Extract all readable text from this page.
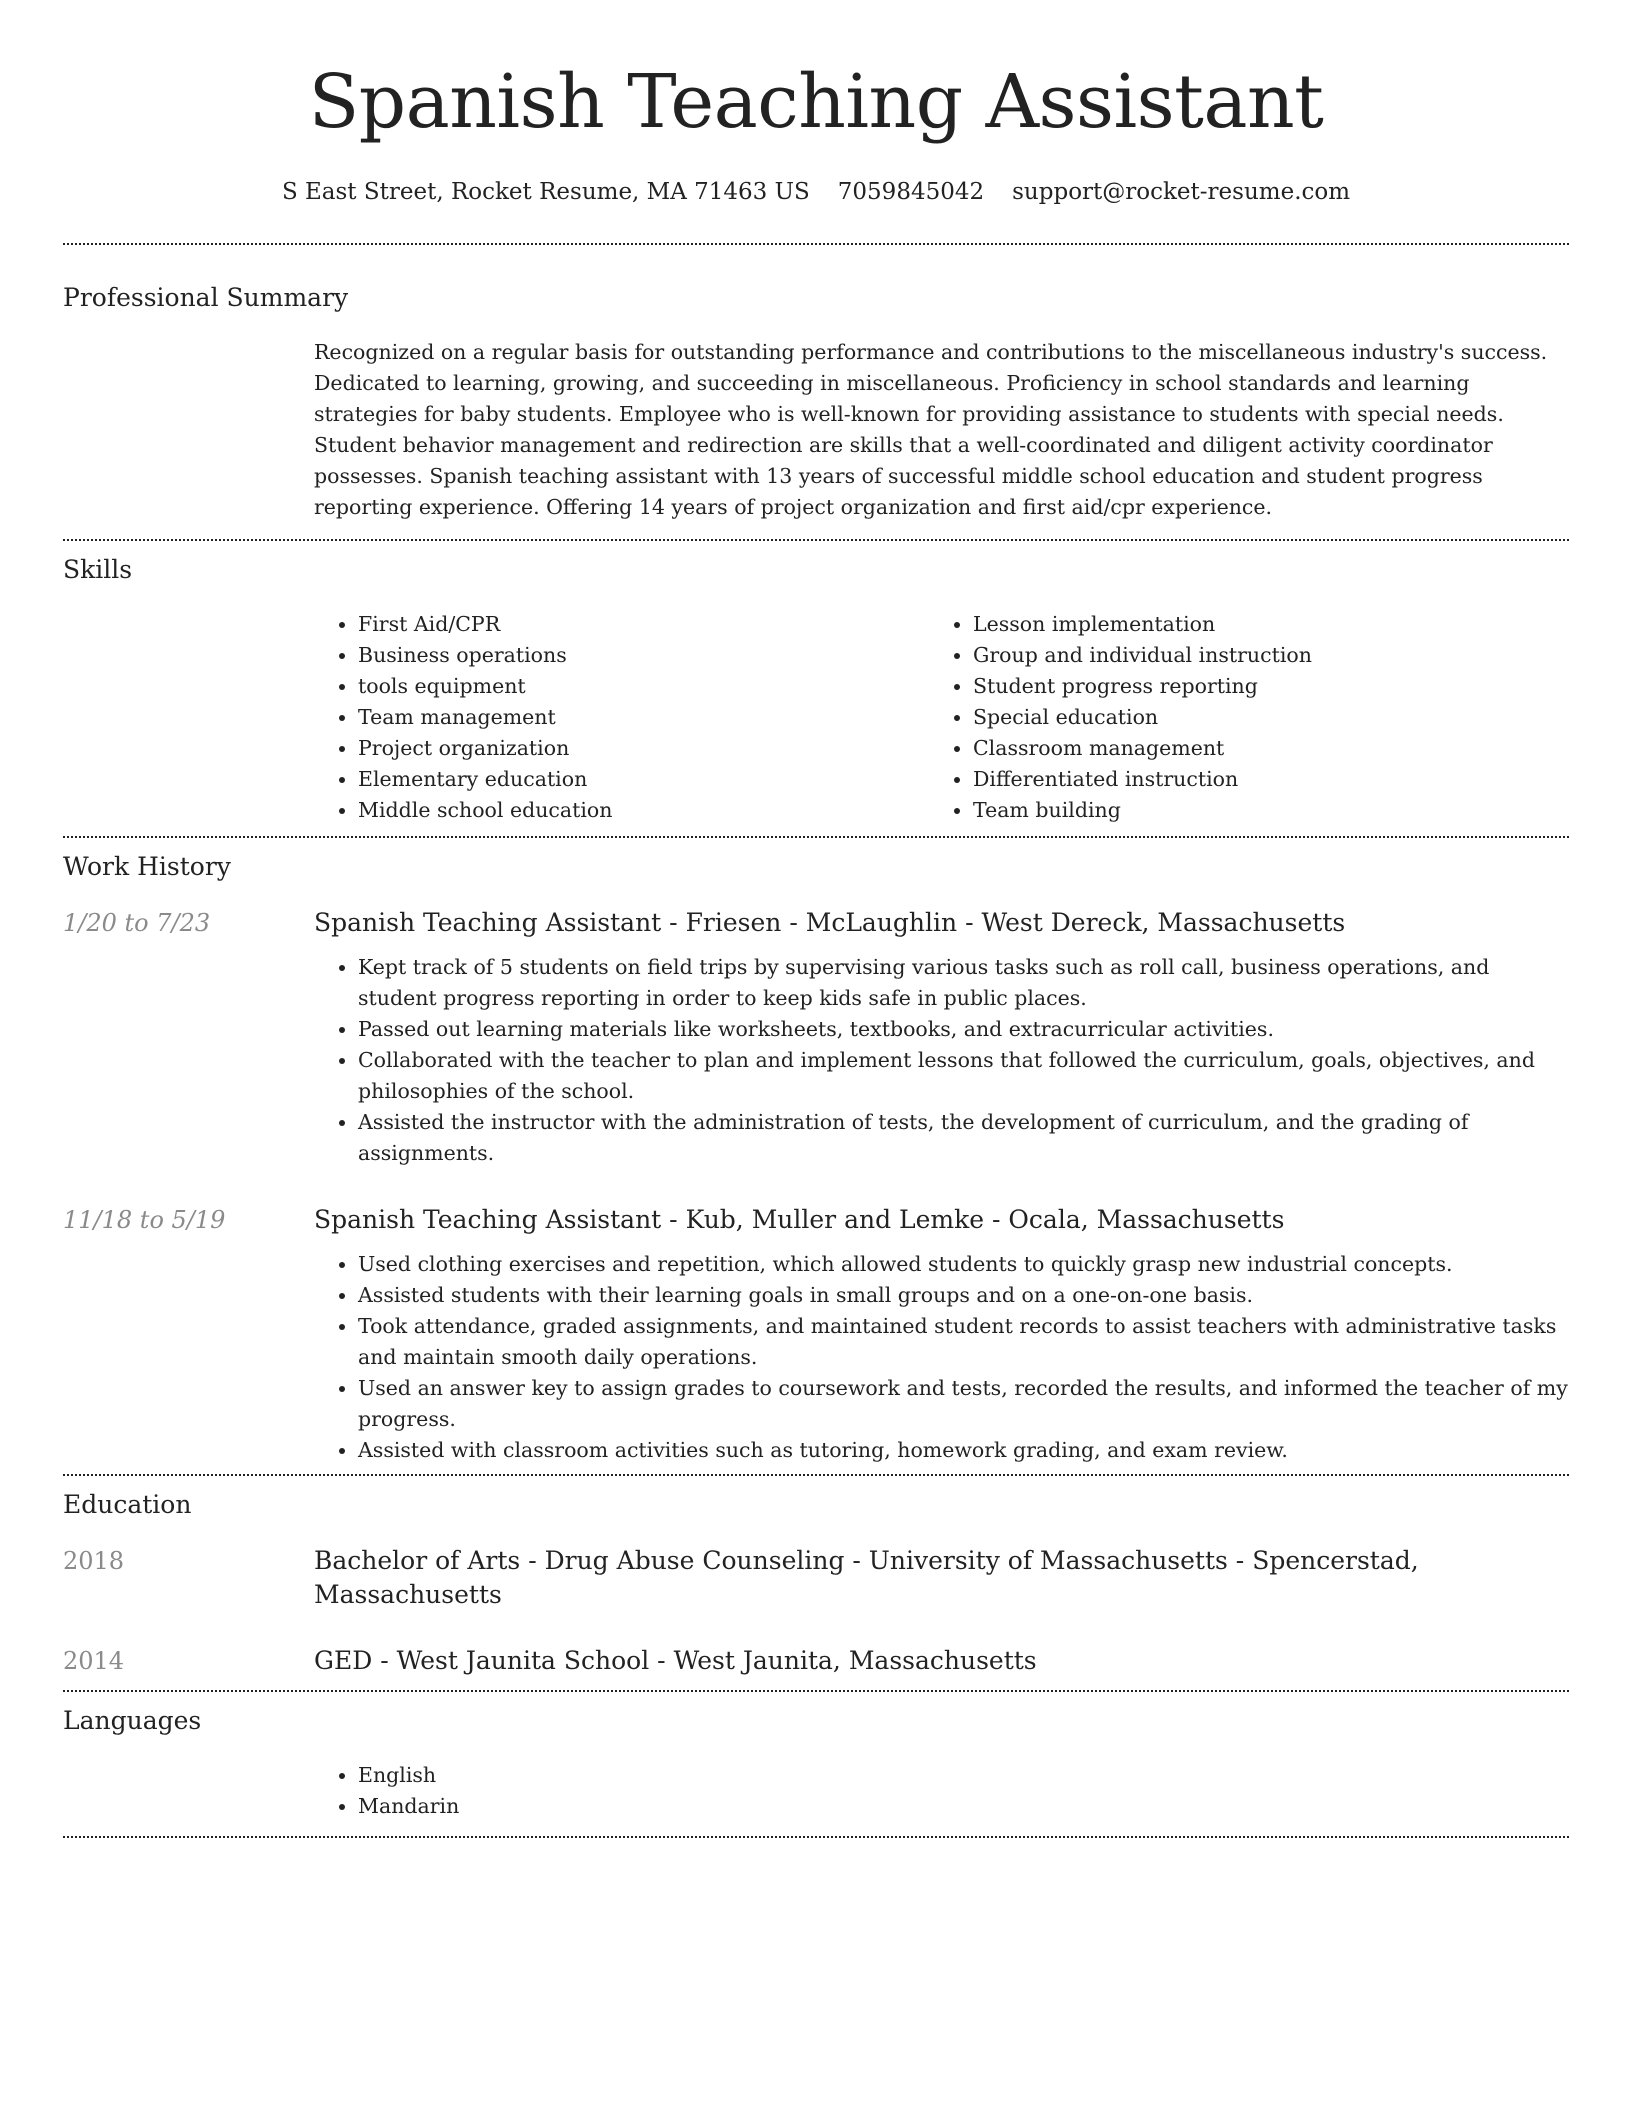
Spanish Teaching Assistant
S East Street, Rocket Resume, MA 71463 US 7059845042 support@rocket-resume.com
Professional Summary
Recognized on a regular basis for outstanding performance and contributions to the miscellaneous industry's success. Dedicated to learning, growing, and succeeding in miscellaneous. Proficiency in school standards and learning strategies for baby students. Employee who is well-known for providing assistance to students with special needs. Student behavior management and redirection are skills that a well-coordinated and diligent activity coordinator possesses. Spanish teaching assistant with 13 years of successful middle school education and student progress reporting experience. Offering 14 years of project organization and first aid/cpr experience.
Skills
• First Aid/CPR
• Business operations
• tools equipment
• Team management
• Project organization
• Elementary education
• Middle school education
• Lesson implementation
• Group and individual instruction
• Student progress reporting
• Special education
• Classroom management
• Differentiated instruction
• Team building
Work History
1/20 to 7/23	Spanish Teaching Assistant - Friesen - McLaughlin - West Dereck, Massachusetts
• Kept track of 5 students on field trips by supervising various tasks such as roll call, business operations, and student progress reporting in order to keep kids safe in public places.
• Passed out learning materials like worksheets, textbooks, and extracurricular activities.
• Collaborated with the teacher to plan and implement lessons that followed the curriculum, goals, objectives, and philosophies of the school.
• Assisted the instructor with the administration of tests, the development of curriculum, and the grading of assignments.
11/18 to 5/19	Spanish Teaching Assistant - Kub, Muller and Lemke - Ocala, Massachusetts
• Used clothing exercises and repetition, which allowed students to quickly grasp new industrial concepts.
• Assisted students with their learning goals in small groups and on a one-on-one basis.
• Took attendance, graded assignments, and maintained student records to assist teachers with administrative tasks and maintain smooth daily operations.
• Used an answer key to assign grades to coursework and tests, recorded the results, and informed the teacher of my progress.
• Assisted with classroom activities such as tutoring, homework grading, and exam review.
Education
2018	Bachelor of Arts - Drug Abuse Counseling - University of Massachusetts - Spencerstad, Massachusetts
2014	GED - West Jaunita School - West Jaunita, Massachusetts
Languages
• English
• Mandarin
